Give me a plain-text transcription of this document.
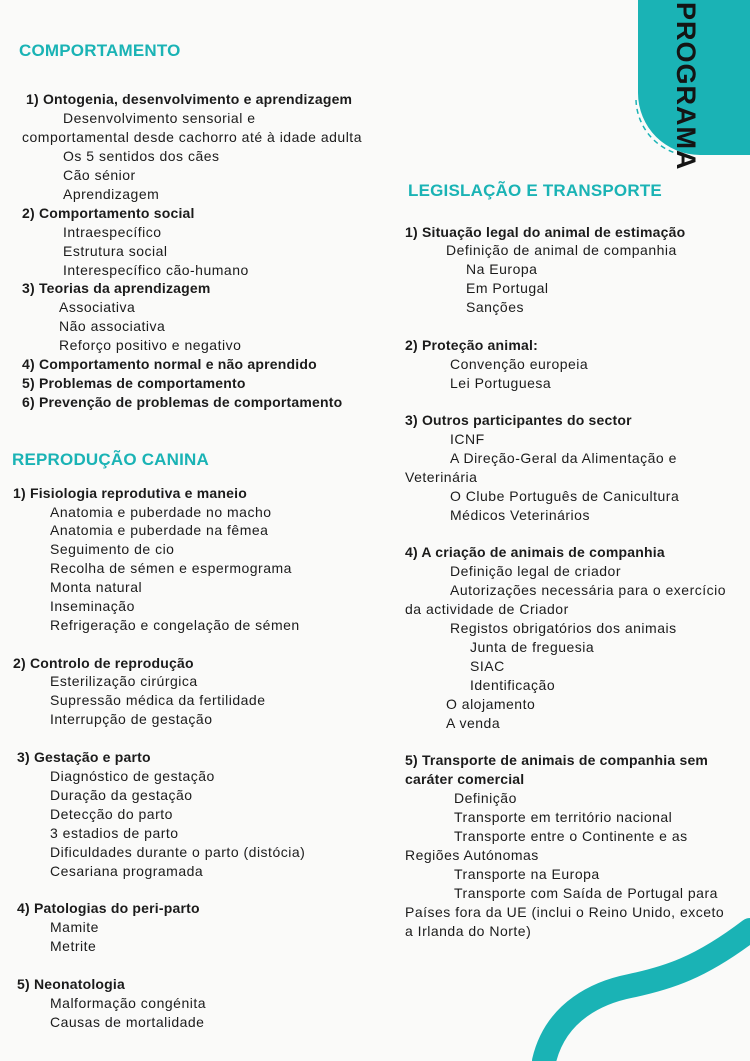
PROGRAMA
COMPORTAMENTO
1) Ontogenia, desenvolvimento e aprendizagem
Desenvolvimento sensorial e
comportamental desde cachorro até à idade adulta
Os 5 sentidos dos cães
Cão sénior
Aprendizagem
2) Comportamento social
Intraespecífico
Estrutura social
Interespecífico cão-humano
3) Teorias da aprendizagem
Associativa
Não associativa
Reforço positivo e negativo
4) Comportamento normal e não aprendido
5) Problemas de comportamento
6) Prevenção de problemas de comportamento
REPRODUÇÃO CANINA
1) Fisiologia reprodutiva e maneio
Anatomia e puberdade no macho
Anatomia e puberdade na fêmea
Seguimento de cio
Recolha de sémen e espermograma
Monta natural
Inseminação
Refrigeração e congelação de sémen
2) Controlo de reprodução
Esterilização cirúrgica
Supressão médica da fertilidade
Interrupção de gestação
3) Gestação e parto
Diagnóstico de gestação
Duração da gestação
Detecção do parto
3 estadios de parto
Dificuldades durante o parto (distócia)
Cesariana programada
4) Patologias do peri-parto
Mamite
Metrite
5) Neonatologia
Malformação congénita
Causas de mortalidade
LEGISLAÇÃO E TRANSPORTE
1) Situação legal do animal de estimação
Definição de animal de companhia
Na Europa
Em Portugal
Sanções
2) Proteção animal:
Convenção europeia
Lei Portuguesa
3) Outros participantes do sector
ICNF
A Direção-Geral da Alimentação e
Veterinária
O Clube Português de Canicultura
Médicos Veterinários
4) A criação de animais de companhia
Definição legal de criador
Autorizações necessária para o exercício
da actividade de Criador
Registos obrigatórios dos animais
Junta de freguesia
SIAC
Identificação
O alojamento
A venda
5) Transporte de animais de companhia sem
caráter comercial
Definição
Transporte em território nacional
Transporte entre o Continente e as
Regiões Autónomas
Transporte na Europa
Transporte com Saída de Portugal para
Países fora da UE (inclui o Reino Unido, exceto
a Irlanda do Norte)
